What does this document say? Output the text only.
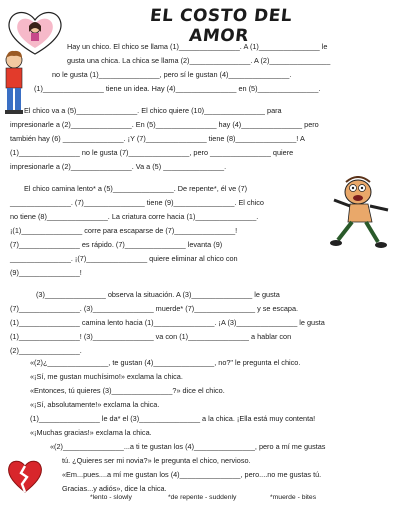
EL COSTO DEL AMOR
Hay un chico. El chico se llama (1)_______________. A (1)_______________ le
gusta una chica. La chica se llama (2)_______________. A (2)_______________
no le gusta (1)_______________, pero sí le gustan (4)_______________.
(1)_______________ tiene un idea. Hay (4)_______________ en (5)_______________.
El chico va a (5)_______________. El chico quiere (10)_______________ para
impresionarle a (2)_______________. En (5)_______________ hay (4)_______________ pero
también hay (6) _______________. ¡Y (7)_______________ tiene (8)_______________! A
(1)_______________ no le gusta (7)_______________, pero _______________ quiere
impresionarle a (2)_______________. Va a (5) _______________.
El chico camina lento* a (5)_______________. De repente*, él ve (7)
_______________. (7)_______________ tiene (9)_______________. El chico
no tiene (8)_______________. La criatura corre hacia (1)_______________.
¡(1)_______________ corre para escaparse de (7)_______________!
(7)_______________ es rápido. (7)_______________ levanta (9)
_______________. ¡(7)_______________ quiere eliminar al chico con
(9)_______________!
(3)_______________ observa la situación. A (3)_______________ le gusta
(7)_______________. (3)_______________ muerde* (7)_______________ y se escapa.
(1)_______________ camina lento hacia (1)_______________. ¡A (3)_______________ le gusta
(1)_______________! (3)_______________ va con (1)_______________ a hablar con
(2)_______________.
«(2)¿_______________, te gustan (4)_______________, no?" le pregunta el chico.
«¡Sí, me gustan muchísimo!» exclama la chica.
«Entonces, tú quieres (3)_______________?» dice el chico.
«¡Sí, absolutamente!» exclama la chica.
(1)_______________ le da* el (3)_______________ a la chica. ¡Ella está muy contenta!
«¡Muchas gracias!» exclama la chica.
«(2)_______________...a ti te gustan los (4)_______________, pero a mí me gustas
tú. ¿Quieres ser mi novia?» le pregunta el chico, nervioso.
«Em...pues....a mí me gustan los (4)_______________, pero....no me gustas tú.
Gracias...y adiós», dice la chica.
*lento - slowly	*de repente - suddenly	*muerde - bites
